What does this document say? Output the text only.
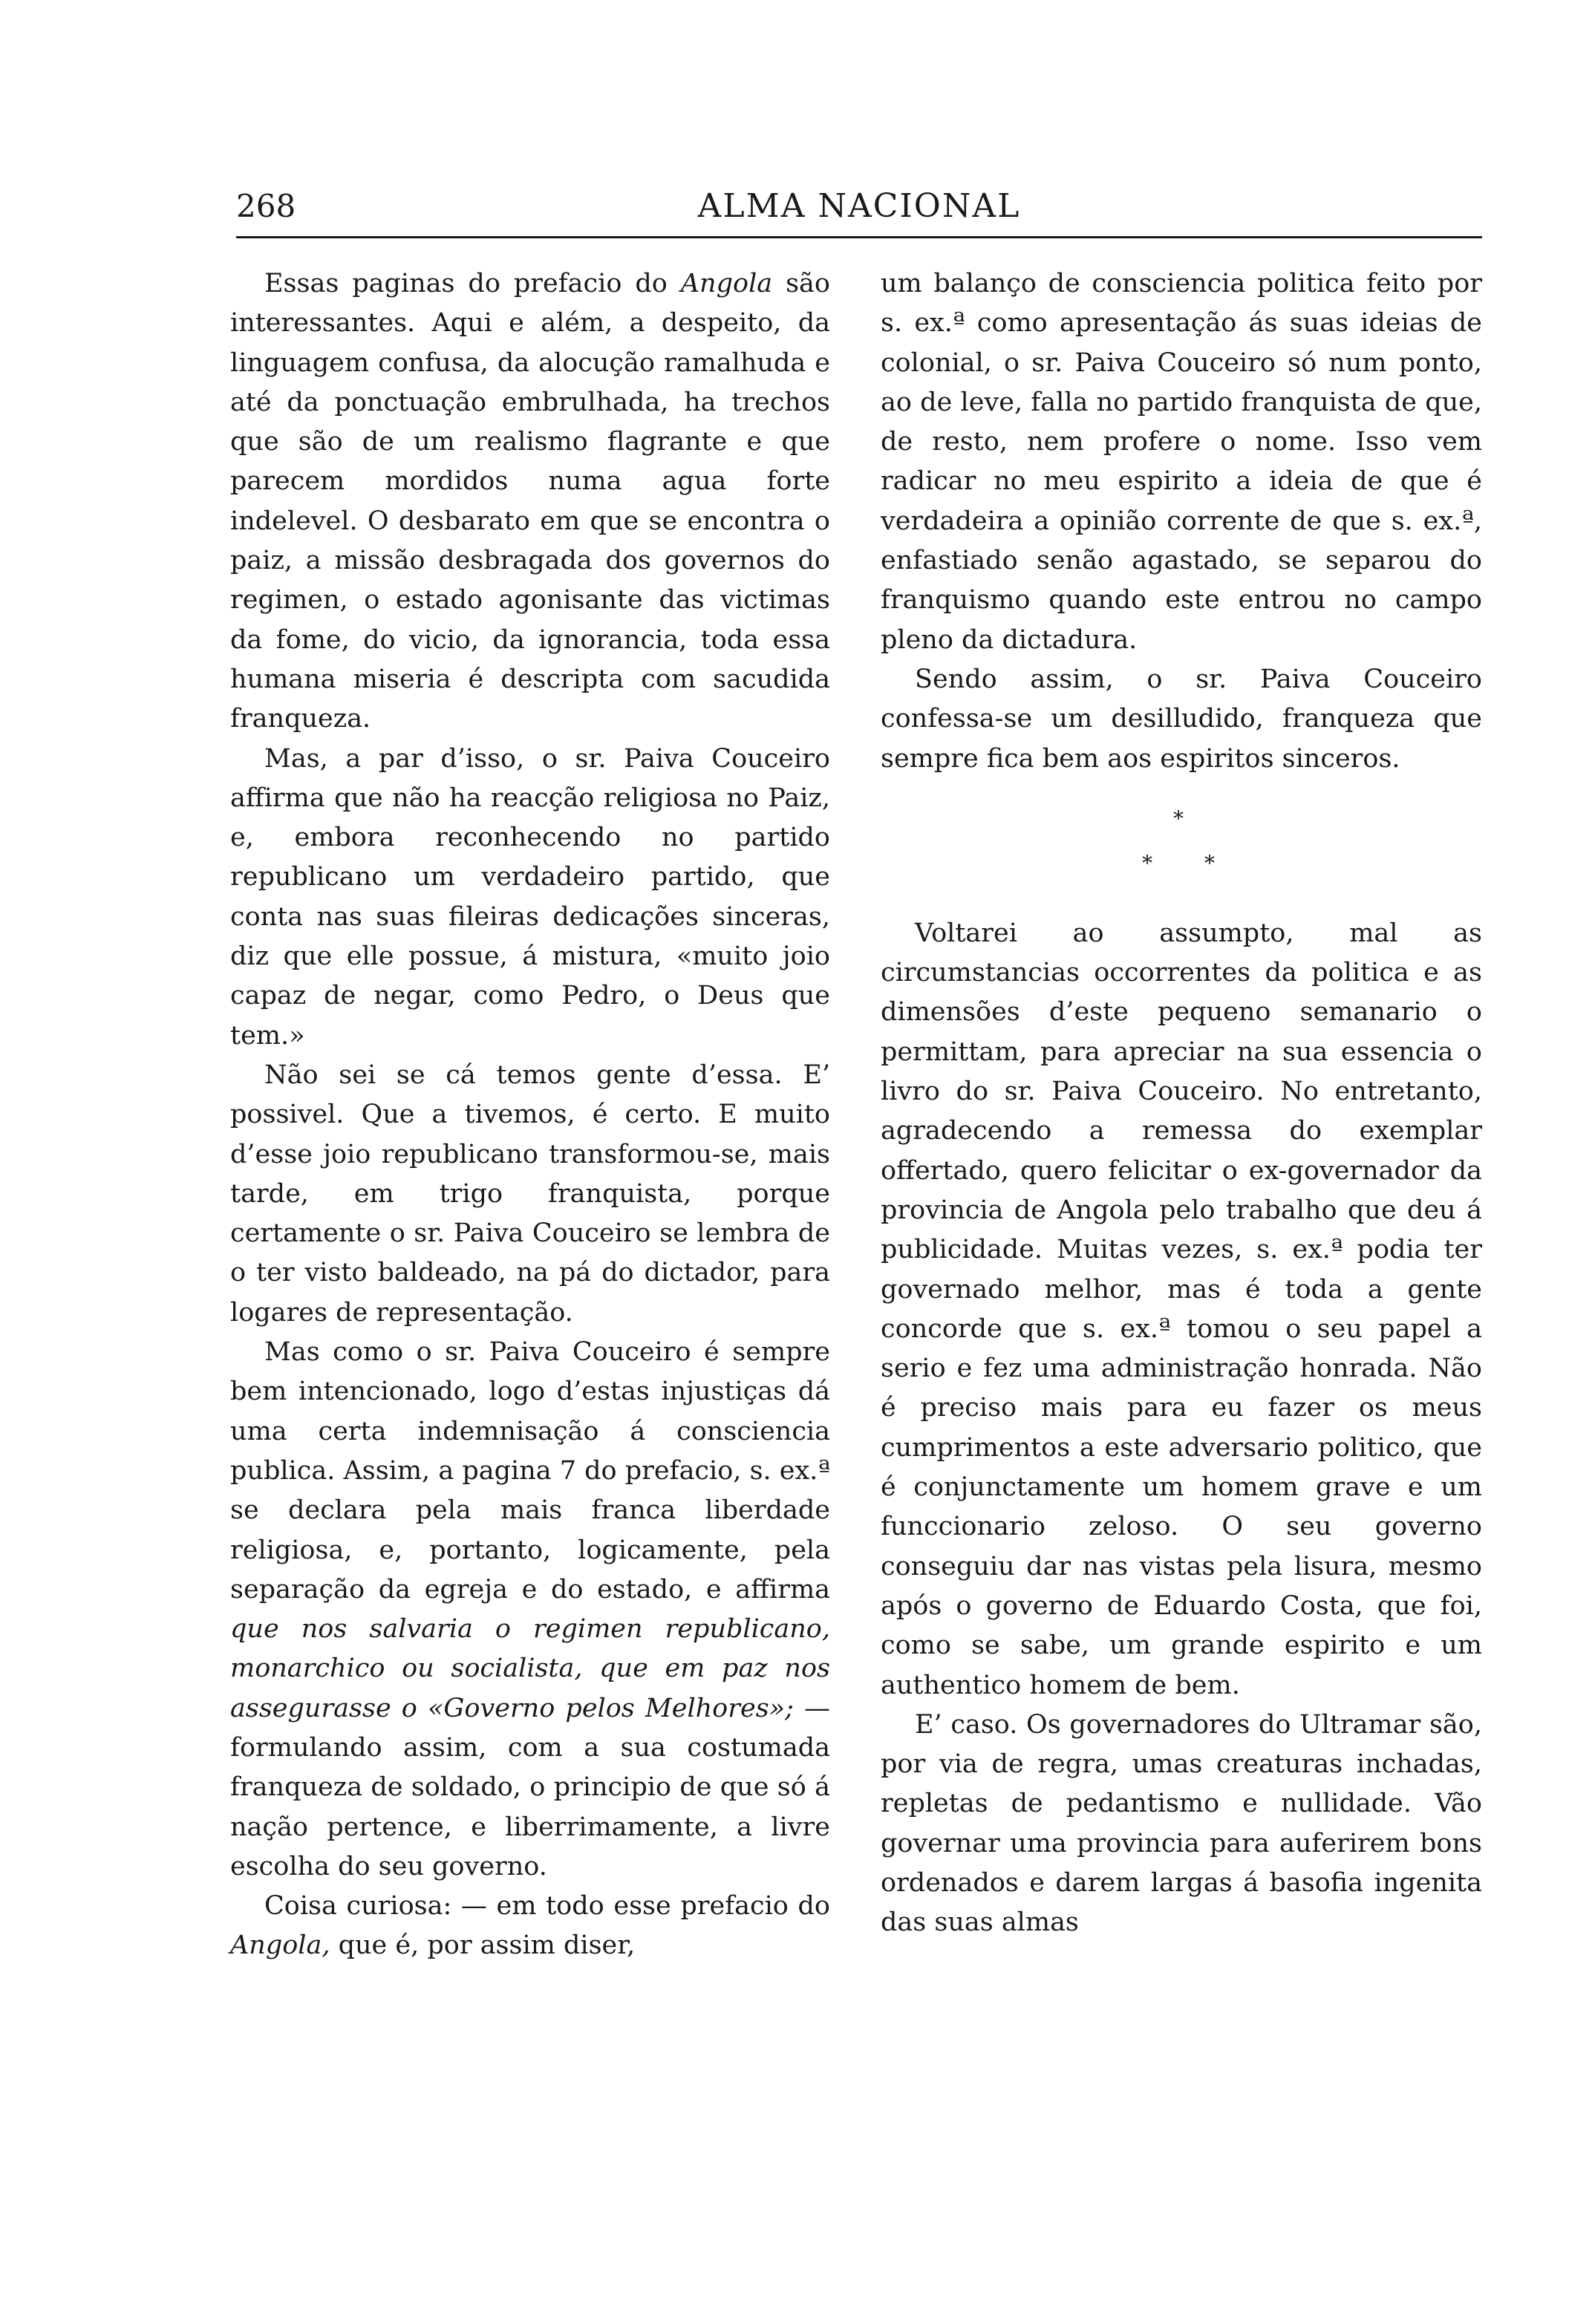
268	ALMA NACIONAL

Essas paginas do prefacio do Angola são interessantes. Aqui e além, a despeito, da linguagem confusa, da alocução ramalhuda e até da ponctuação embrulhada, ha trechos que são de um realismo flagrante e que parecem mordidos numa agua forte indelevel. O desbarato em que se encontra o paiz, a missão desbragada dos governos do regimen, o estado agonisante das victimas da fome, do vicio, da ignorancia, toda essa humana miseria é descripta com sacudida franqueza.

Mas, a par d’isso, o sr. Paiva Couceiro affirma que não ha reacção religiosa no Paiz, e, embora reconhecendo no partido republicano um verdadeiro partido, que conta nas suas fileiras dedicações sinceras, diz que elle possue, á mistura, «muito joio capaz de negar, como Pedro, o Deus que tem.»

Não sei se cá temos gente d’essa. E’ possivel. Que a tivemos, é certo. E muito d’esse joio republicano transformou-se, mais tarde, em trigo franquista, porque certamente o sr. Paiva Couceiro se lembra de o ter visto baldeado, na pá do dictador, para logares de representação.

Mas como o sr. Paiva Couceiro é sempre bem intencionado, logo d’estas injustiças dá uma certa indemnisação á consciencia publica. Assim, a pagina 7 do prefacio, s. ex.ª se declara pela mais franca liberdade religiosa, e, portanto, logicamente, pela separação da egreja e do estado, e affirma que nos salvaria o regimen republicano, monarchico ou socialista, que em paz nos assegurasse o «Governo pelos Melhores»; — formulando assim, com a sua costumada franqueza de soldado, o principio de que só á nação pertence, e liberrimamente, a livre escolha do seu governo.

Coisa curiosa: — em todo esse prefacio do Angola, que é, por assim diser,

um balanço de consciencia politica feito por s. ex.ª como apresentação ás suas ideias de colonial, o sr. Paiva Couceiro só num ponto, ao de leve, falla no partido franquista de que, de resto, nem profere o nome. Isso vem radicar no meu espirito a ideia de que é verdadeira a opinião corrente de que s. ex.ª, enfastiado senão agastado, se separou do franquismo quando este entrou no campo pleno da dictadura.

Sendo assim, o sr. Paiva Couceiro confessa-se um desilludido, franqueza que sempre fica bem aos espiritos sinceros.

*
*	*

Voltarei ao assumpto, mal as circumstancias occorrentes da politica e as dimensões d’este pequeno semanario o permittam, para apreciar na sua essencia o livro do sr. Paiva Couceiro. No entretanto, agradecendo a remessa do exemplar offertado, quero felicitar o ex-governador da provincia de Angola pelo trabalho que deu á publicidade. Muitas vezes, s. ex.ª podia ter governado melhor, mas é toda a gente concorde que s. ex.ª tomou o seu papel a serio e fez uma administração honrada. Não é preciso mais para eu fazer os meus cumprimentos a este adversario politico, que é conjunctamente um homem grave e um funccionario zeloso. O seu governo conseguiu dar nas vistas pela lisura, mesmo após o governo de Eduardo Costa, que foi, como se sabe, um grande espirito e um authentico homem de bem.

E’ caso. Os governadores do Ultramar são, por via de regra, umas creaturas inchadas, repletas de pedantismo e nullidade. Vão governar uma provincia para auferirem bons ordenados e darem largas á basofia ingenita das suas almas
